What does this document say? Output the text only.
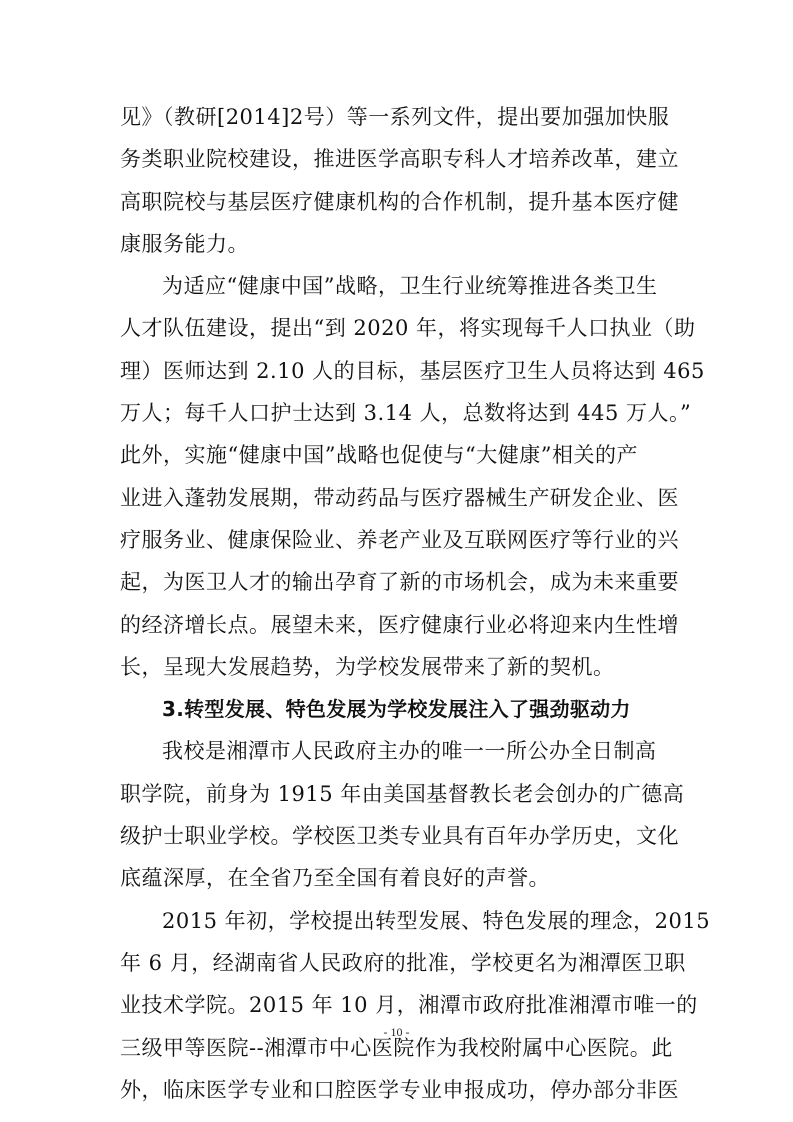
见》（教研[2014]2号）等一系列文件，提出要加强加快服
务类职业院校建设，推进医学高职专科人才培养改革，建立
高职院校与基层医疗健康机构的合作机制，提升基本医疗健
康服务能力。
为适应“健康中国”战略，卫生行业统筹推进各类卫生
人才队伍建设，提出“到 2020 年，将实现每千人口执业（助
理）医师达到 2.10 人的目标，基层医疗卫生人员将达到 465
万人；每千人口护士达到 3.14 人，总数将达到 445 万人。”
此外，实施“健康中国”战略也促使与“大健康”相关的产
业进入蓬勃发展期，带动药品与医疗器械生产研发企业、医
疗服务业、健康保险业、养老产业及互联网医疗等行业的兴
起，为医卫人才的输出孕育了新的市场机会，成为未来重要
的经济增长点。展望未来，医疗健康行业必将迎来内生性增
长，呈现大发展趋势，为学校发展带来了新的契机。
3.转型发展、特色发展为学校发展注入了强劲驱动力
我校是湘潭市人民政府主办的唯一一所公办全日制高
职学院，前身为 1915 年由美国基督教长老会创办的广德高
级护士职业学校。学校医卫类专业具有百年办学历史，文化
底蕴深厚，在全省乃至全国有着良好的声誉。
2015 年初，学校提出转型发展、特色发展的理念，2015
年 6 月，经湖南省人民政府的批准，学校更名为湘潭医卫职
业技术学院。2015 年 10 月，湘潭市政府批准湘潭市唯一的
三级甲等医院--湘潭市中心医院作为我校附属中心医院。此
外，临床医学专业和口腔医学专业申报成功，停办部分非医
- 10 -
